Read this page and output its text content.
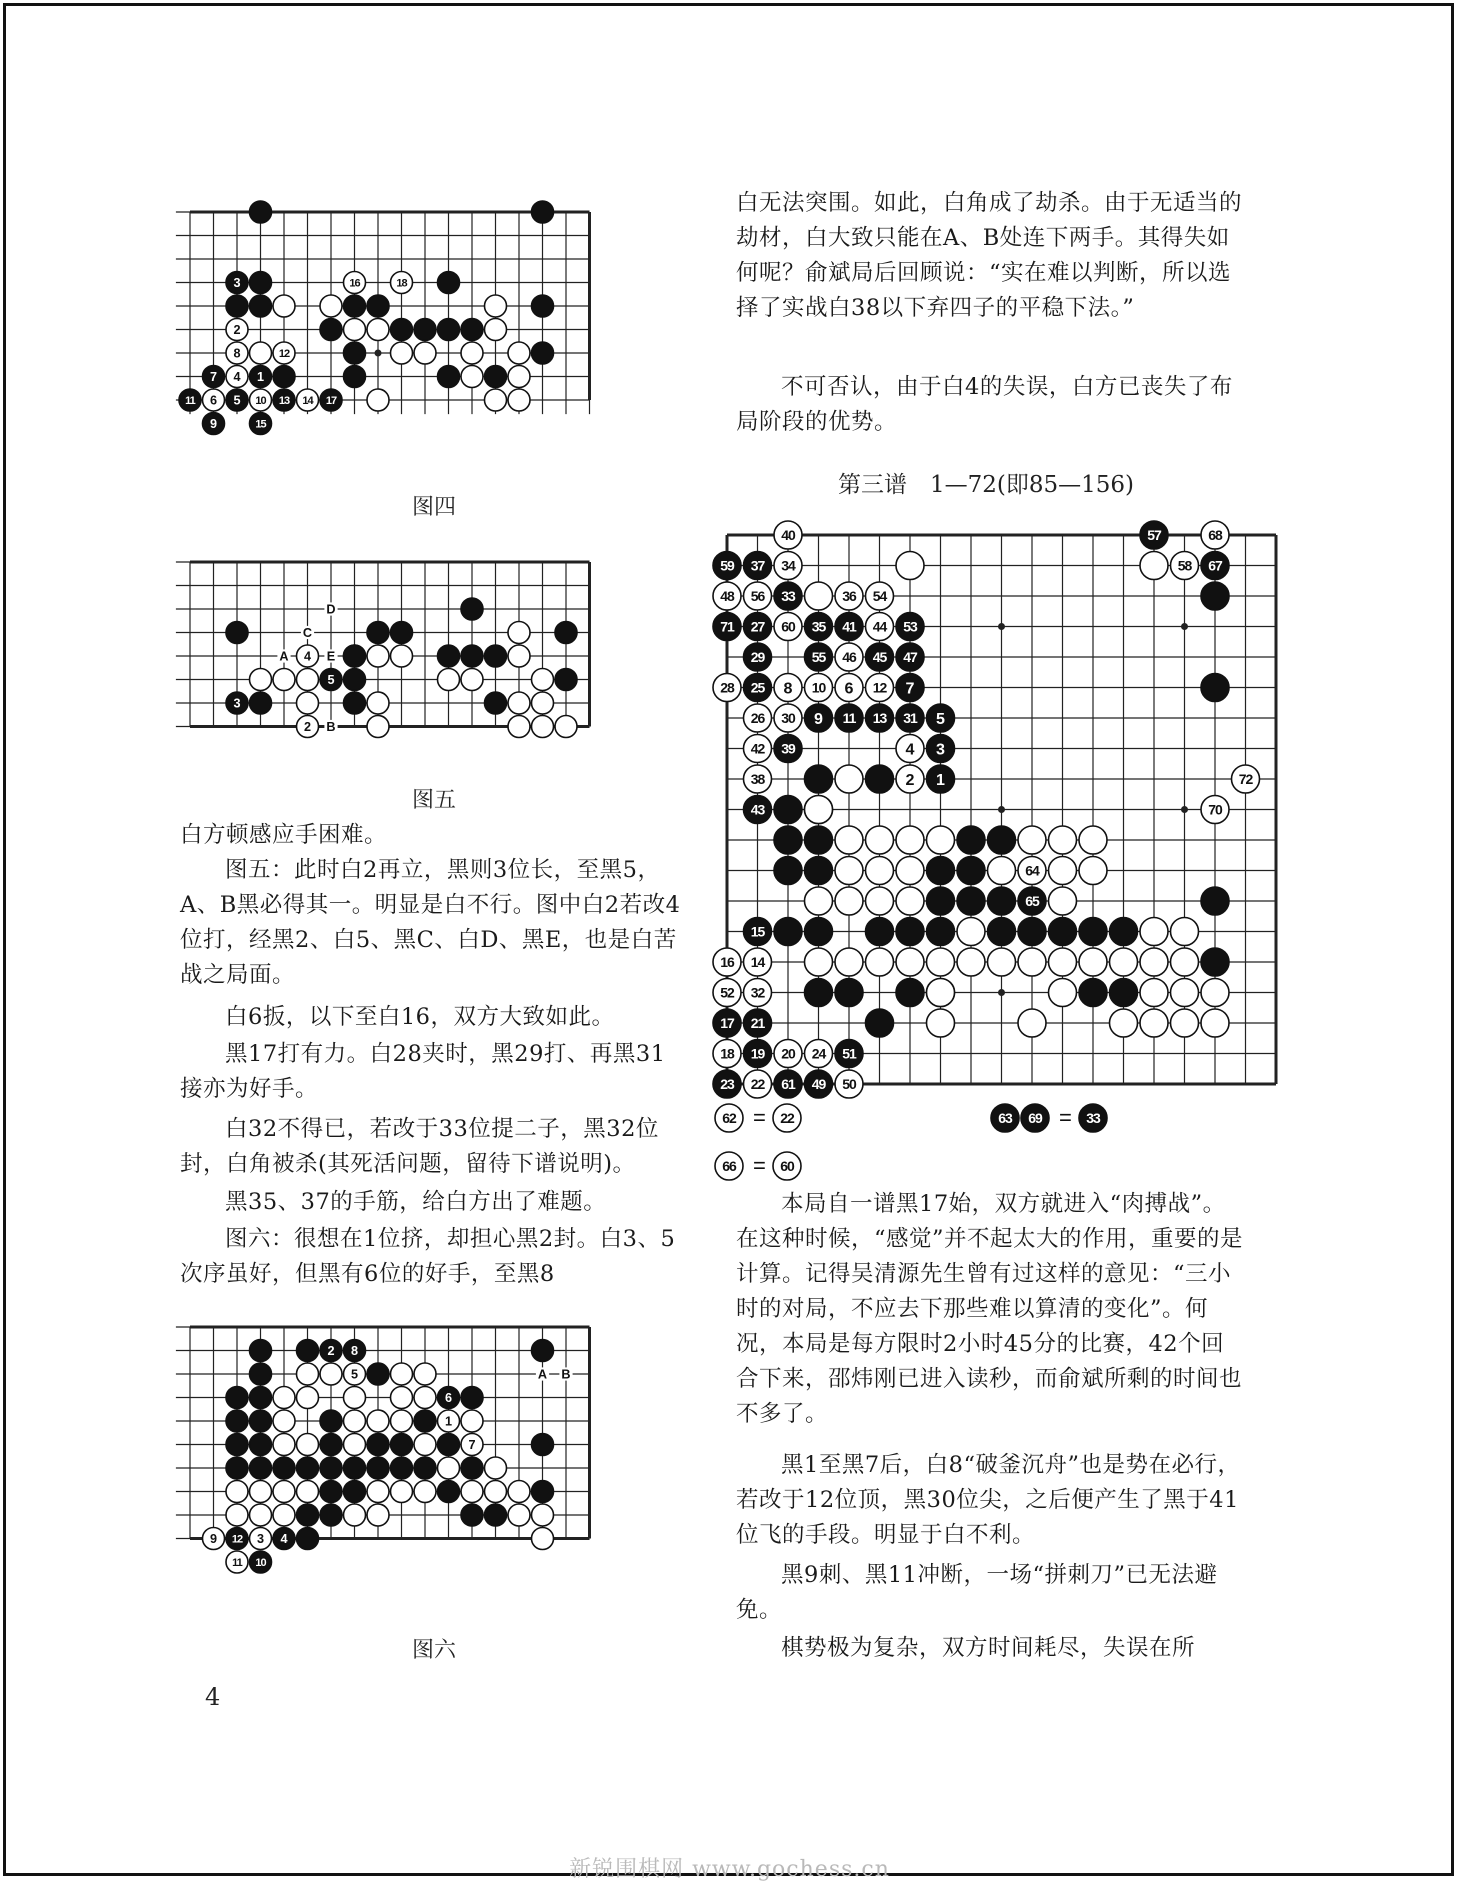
16	18
3
2
8	12
7 4 1
11 6 5 10 13 14 17
9	15
图四
D
C
A 4 E
5
3
2 B
图五

白方顿感应手困难。

图五：此时白2再立，黑则3位长，至黑5，A、B黑必得其一。明显是白不行。图中白2若改4位打，经黑2、白5、黑C、白D、黑E，也是白苦战之局面。

白6扳，以下至白16，双方大致如此。

黑17打有力。白28夹时，黑29打、再黑31接亦为好手。

白32不得已，若改于33位提二子，黑32位封，白角被杀(其死活问题，留待下谱说明)。

黑35、37的手筋，给白方出了难题。

图六：很想在1位挤，却担心黑2封。白3、5次序虽好，但黑有6位的好手，至黑8

2 8
5
6
1
7
A B
9 12 3 4
11 10
图六

白无法突围。如此，白角成了劫杀。由于无适当的劫材，白大致只能在A、B处连下两手。其得失如何呢？俞斌局后回顾说：“实在难以判断，所以选择了实战白38以下弃四子的平稳下法。”

不可否认，由于白4的失误，白方已丧失了布局阶段的优势。

第三谱　1—72(即85—156)
40	57	68
59 37 34	58 67
48 56 33	36 54
71 27 60 35 41 44 53
29	55 46 45 47
28 25 8 10 6 12 7
26 30 9 11 13 31 5
42 39	4 3
38	2 1	72
43	70
64
65
15
16 14
52 32
17 21
18 19 20 24 51
23 22 61 49 50
62 = 22	63 69 = 33
66 = 60

本局自一谱黑17始，双方就进入“肉搏战”。在这种时候，“感觉”并不起太大的作用，重要的是计算。记得吴清源先生曾有过这样的意见：“三小时的对局，不应去下那些难以算清的变化”。何况，本局是每方限时2小时45分的比赛，42个回合下来，邵炜刚已进入读秒，而俞斌所剩的时间也不多了。

黑1至黑7后，白8“破釜沉舟”也是势在必行，若改于12位顶，黑30位尖，之后便产生了黑于41位飞的手段。明显于白不利。

黑9刺、黑11冲断，一场“拼刺刀”已无法避免。

棋势极为复杂，双方时间耗尽，失误在所

4
新锐围棋网 www.gochess.cn
